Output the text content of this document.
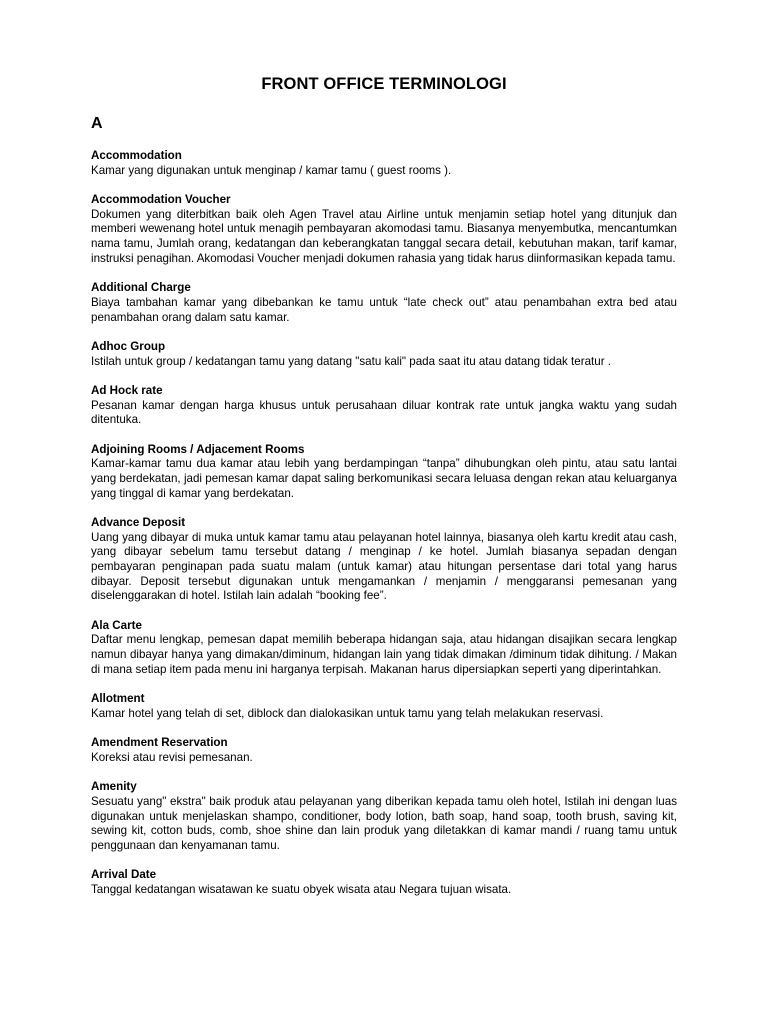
FRONT OFFICE TERMINOLOGI
A

Accommodation

Kamar yang digunakan untuk menginap / kamar tamu ( guest rooms ).

Accommodation Voucher

Dokumen yang diterbitkan baik oleh Agen Travel atau Airline untuk menjamin setiap hotel yang ditunjuk dan memberi wewenang hotel untuk menagih pembayaran akomodasi tamu. Biasanya menyembutka, mencantumkan nama tamu, Jumlah orang, kedatangan dan keberangkatan tanggal secara detail, kebutuhan makan, tarif kamar, instruksi penagihan. Akomodasi Voucher menjadi dokumen rahasia yang tidak harus diinformasikan kepada tamu.

Additional Charge

Biaya tambahan kamar yang dibebankan ke tamu untuk “late check out” atau penambahan extra bed atau penambahan orang dalam satu kamar.

Adhoc Group

Istilah untuk group / kedatangan tamu yang datang "satu kali" pada saat itu atau datang tidak teratur .

Ad Hock rate

Pesanan kamar dengan harga khusus untuk perusahaan diluar kontrak rate untuk jangka waktu yang sudah ditentuka.

Adjoining Rooms / Adjacement Rooms

Kamar-kamar tamu dua kamar atau lebih yang berdampingan “tanpa” dihubungkan oleh pintu, atau satu lantai yang berdekatan, jadi pemesan kamar dapat saling berkomunikasi secara leluasa dengan rekan atau keluarganya yang tinggal di kamar yang berdekatan.

Advance Deposit

Uang yang dibayar di muka untuk kamar tamu atau pelayanan hotel lainnya, biasanya oleh kartu kredit atau cash, yang dibayar sebelum tamu tersebut datang / menginap / ke hotel. Jumlah biasanya sepadan dengan pembayaran penginapan pada suatu malam (untuk kamar) atau hitungan persentase dari total yang harus dibayar. Deposit tersebut digunakan untuk mengamankan / menjamin / menggaransi pemesanan yang diselenggarakan di hotel. Istilah lain adalah “booking fee”.

Ala Carte

Daftar menu lengkap, pemesan dapat memilih beberapa hidangan saja, atau hidangan disajikan secara lengkap namun dibayar hanya yang dimakan/diminum, hidangan lain yang tidak dimakan /diminum tidak dihitung. / Makan di mana setiap item pada menu ini harganya terpisah. Makanan harus dipersiapkan seperti yang diperintahkan.

Allotment

Kamar hotel yang telah di set, diblock dan dialokasikan untuk tamu yang telah melakukan reservasi.

Amendment Reservation

Koreksi atau revisi pemesanan.

Amenity

Sesuatu yang" ekstra" baik produk atau pelayanan yang diberikan kepada tamu oleh hotel, Istilah ini dengan luas digunakan untuk menjelaskan shampo, conditioner, body lotion, bath soap, hand soap, tooth brush, saving kit, sewing kit, cotton buds, comb, shoe shine dan lain produk yang diletakkan di kamar mandi / ruang tamu untuk penggunaan dan kenyamanan tamu.

Arrival Date

Tanggal kedatangan wisatawan ke suatu obyek wisata atau Negara tujuan wisata.
